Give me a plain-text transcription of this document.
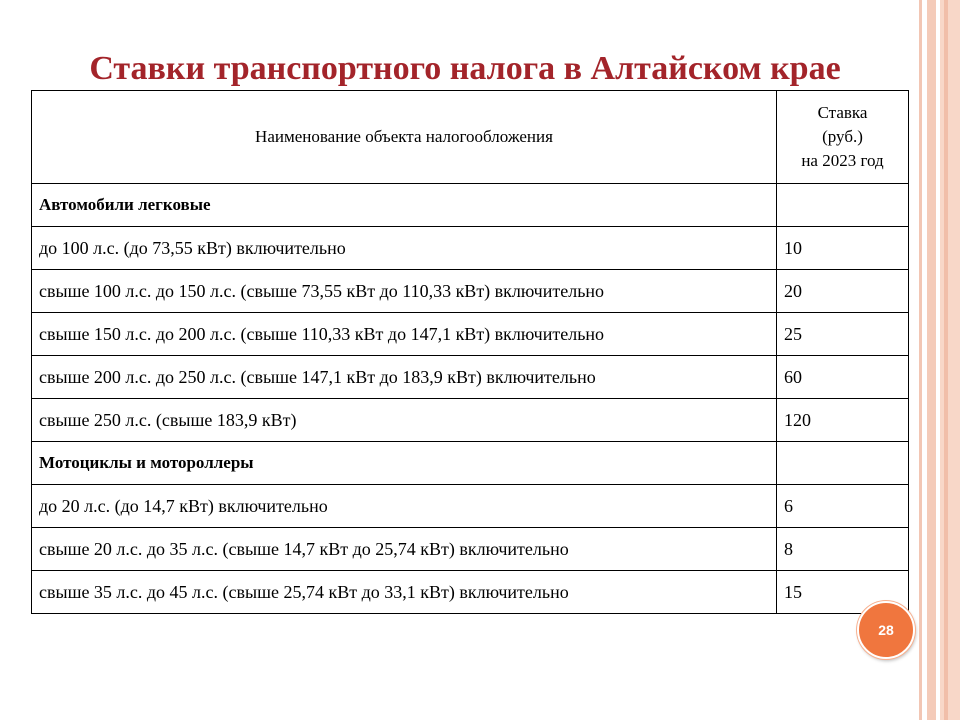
Ставки транспортного налога в Алтайском крае
Наименование объекта налогообложения	Ставка
(руб.)
на 2023 год
Автомобили легковые	
до 100 л.с. (до 73,55 кВт) включительно	10
свыше 100 л.с. до 150 л.с. (свыше 73,55 кВт до 110,33 кВт) включительно	20
свыше 150 л.с. до 200 л.с. (свыше 110,33 кВт до 147,1 кВт) включительно	25
свыше 200 л.с. до 250 л.с. (свыше 147,1 кВт до 183,9 кВт) включительно	60
свыше 250 л.с. (свыше 183,9 кВт)	120
Мотоциклы и мотороллеры	
до 20 л.с. (до 14,7 кВт) включительно	6
свыше 20 л.с. до 35 л.с. (свыше 14,7 кВт до 25,74 кВт) включительно	8
свыше 35 л.с. до 45 л.с. (свыше 25,74 кВт до 33,1 кВт) включительно	15
28
